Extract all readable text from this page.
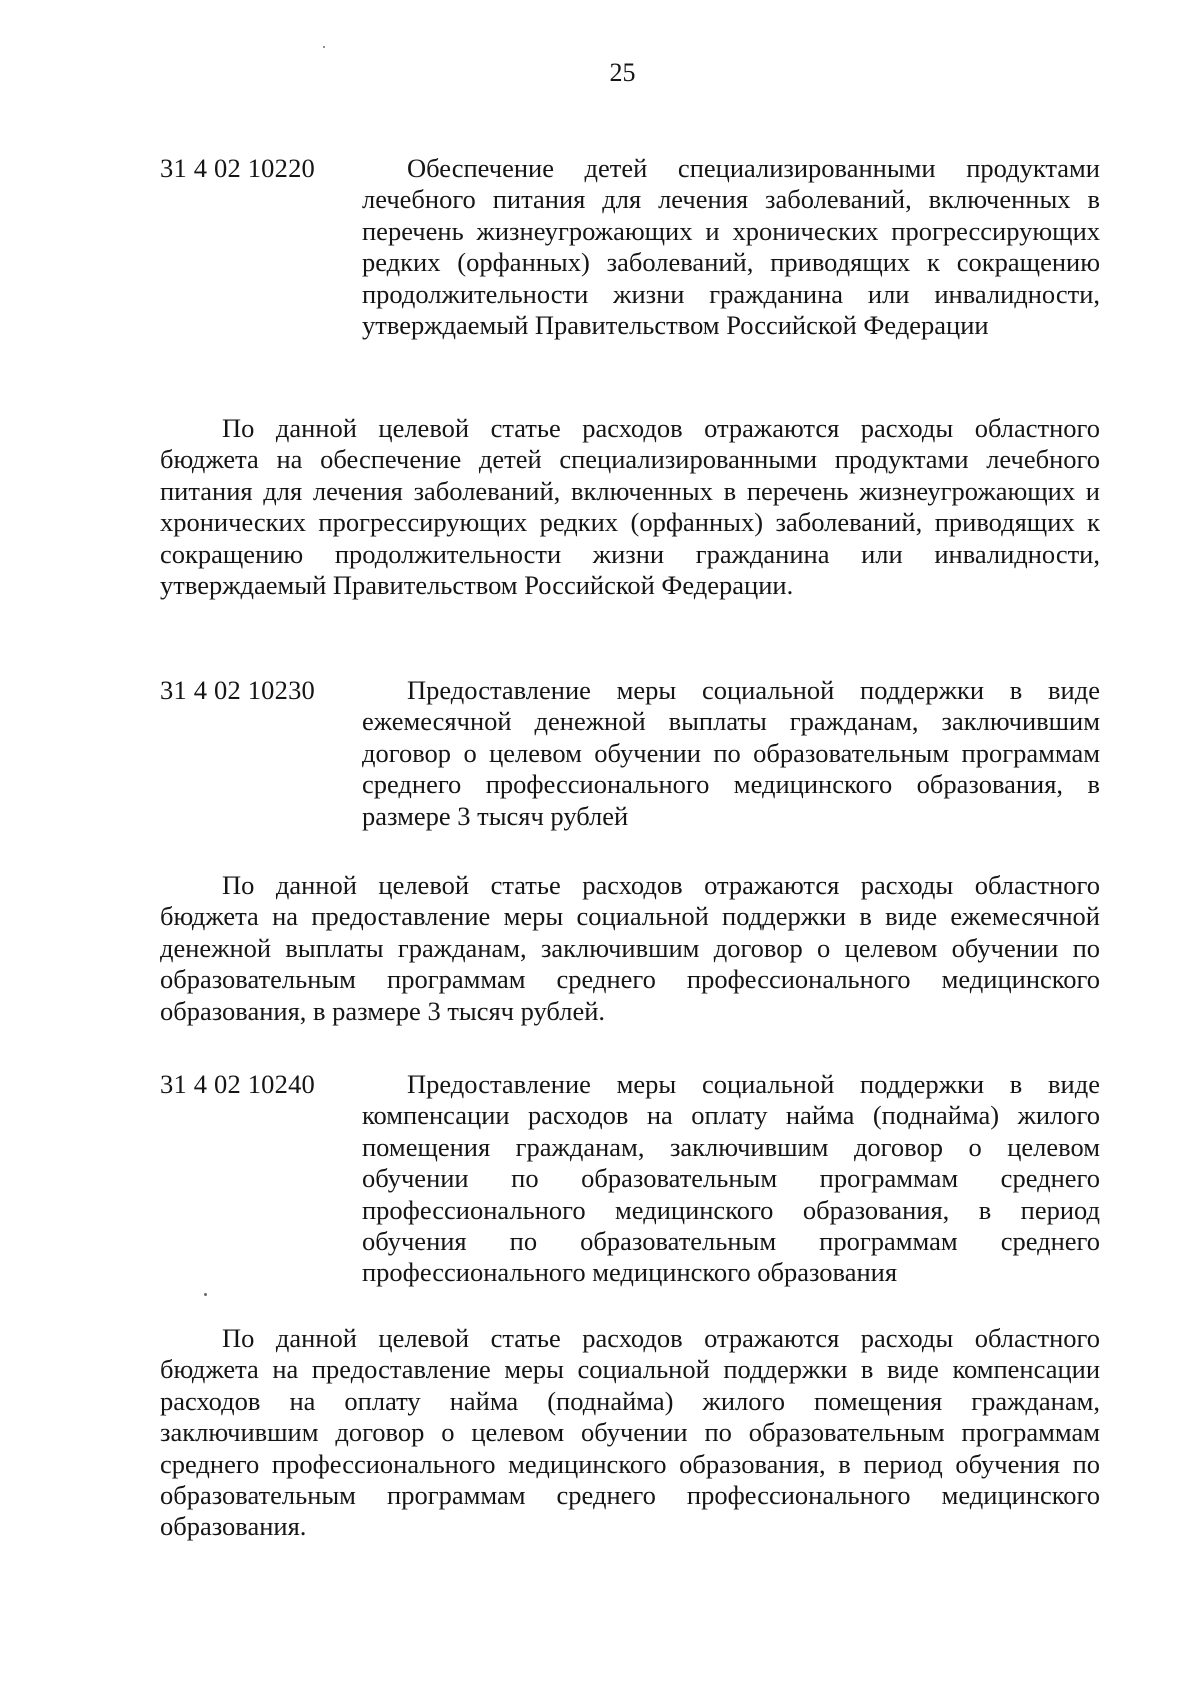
25
31 4 02 10220	Обеспечение детей специализированными продуктами лечебного питания для лечения заболеваний, включенных в перечень жизнеугрожающих и хронических прогрессирующих редких (орфанных) заболеваний, приводящих к сокращению продолжительности жизни гражданина или инвалидности, утверждаемый Правительством Российской Федерации
По данной целевой статье расходов отражаются расходы областного бюджета на обеспечение детей специализированными продуктами лечебного питания для лечения заболеваний, включенных в перечень жизнеугрожающих и хронических прогрессирующих редких (орфанных) заболеваний, приводящих к сокращению продолжительности жизни гражданина или инвалидности, утверждаемый Правительством Российской Федерации.
31 4 02 10230	Предоставление меры социальной поддержки в виде ежемесячной денежной выплаты гражданам, заключившим договор о целевом обучении по образовательным программам среднего профессионального медицинского образования, в размере 3 тысяч рублей
По данной целевой статье расходов отражаются расходы областного бюджета на предоставление меры социальной поддержки в виде ежемесячной денежной выплаты гражданам, заключившим договор о целевом обучении по образовательным программам среднего профессионального медицинского образования, в размере 3 тысяч рублей.
31 4 02 10240	Предоставление меры социальной поддержки в виде компенсации расходов на оплату найма (поднайма) жилого помещения гражданам, заключившим договор о целевом обучении по образовательным программам среднего профессионального медицинского образования, в период обучения по образовательным программам среднего профессионального медицинского образования
По данной целевой статье расходов отражаются расходы областного бюджета на предоставление меры социальной поддержки в виде компенсации расходов на оплату найма (поднайма) жилого помещения гражданам, заключившим договор о целевом обучении по образовательным программам среднего профессионального медицинского образования, в период обучения по образовательным программам среднего профессионального медицинского образования.
